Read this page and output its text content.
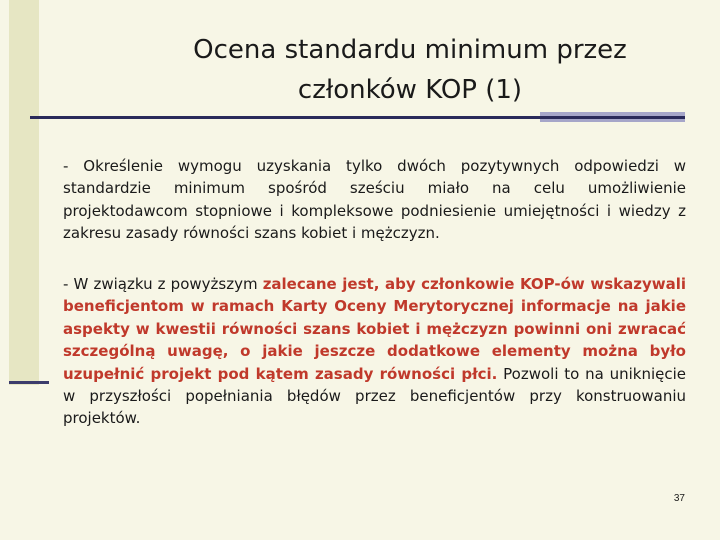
Ocena standardu minimum przez
członków KOP (1)

- Określenie wymogu uzyskania tylko dwóch pozytywnych odpowiedzi w standardzie minimum spośród sześciu miało na celu umożliwienie projektodawcom stopniowe i kompleksowe podniesienie umiejętności i wiedzy z zakresu zasady równości szans kobiet i mężczyzn.

- W związku z powyższym zalecane jest, aby członkowie KOP-ów wskazywali beneficjentom w ramach Karty Oceny Merytorycznej informacje na jakie aspekty w kwestii równości szans kobiet i mężczyzn powinni oni zwracać szczególną uwagę, o jakie jeszcze dodatkowe elementy można było uzupełnić projekt pod kątem zasady równości płci. Pozwoli to na uniknięcie w przyszłości popełniania błędów przez beneficjentów przy konstruowaniu projektów.

37
